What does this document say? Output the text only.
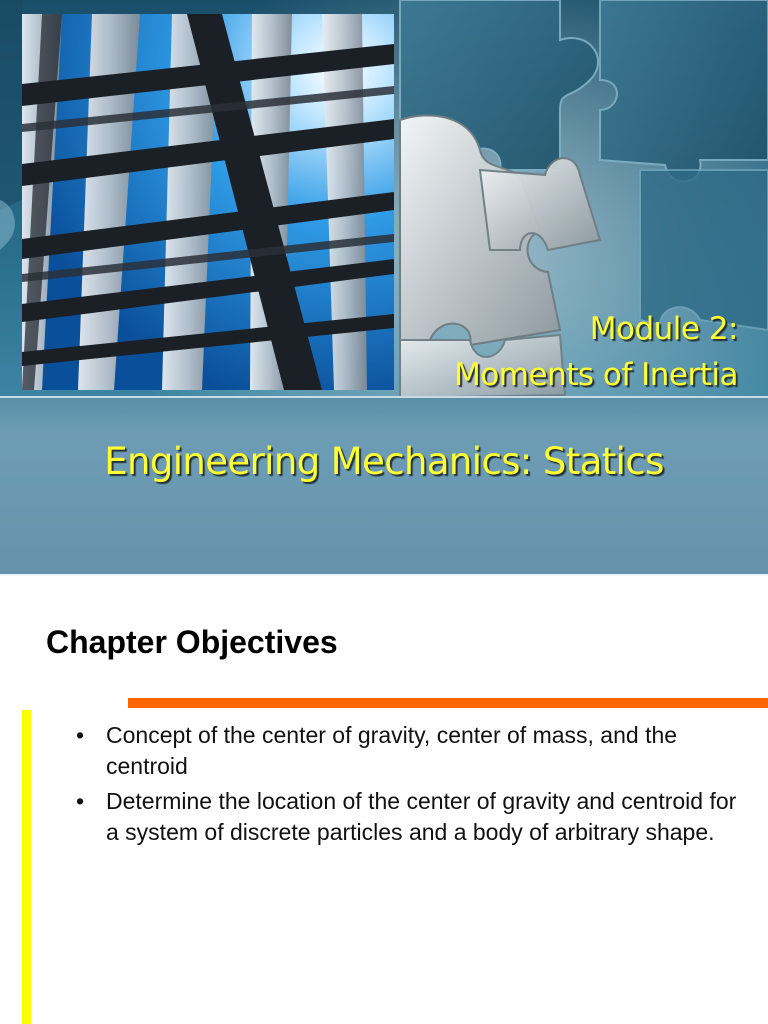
Module 2:
Moments of Inertia
Engineering Mechanics: Statics
Chapter Objectives
• Concept of the center of gravity, center of mass, and the centroid
• Determine the location of the center of gravity and centroid for a system of discrete particles and a body of arbitrary shape.
